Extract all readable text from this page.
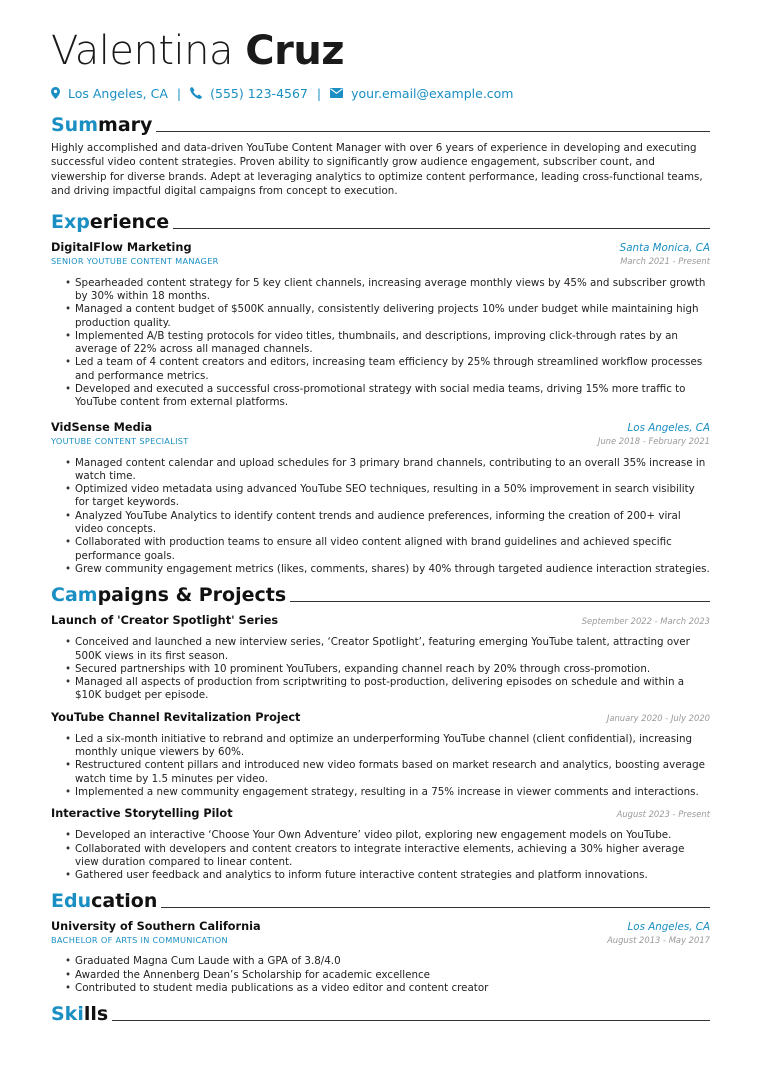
Valentina Cruz
Los Angeles, CA | (555) 123-4567 | your.email@example.com
Summary

Highly accomplished and data-driven YouTube Content Manager with over 6 years of experience in developing and executing successful video content strategies. Proven ability to significantly grow audience engagement, subscriber count, and viewership for diverse brands. Adept at leveraging analytics to optimize content performance, leading cross-functional teams, and driving impactful digital campaigns from concept to execution.

Experience
DigitalFlow Marketing	Santa Monica, CA
SENIOR YOUTUBE CONTENT MANAGER	March 2021 - Present
• Spearheaded content strategy for 5 key client channels, increasing average monthly views by 45% and subscriber growth by 30% within 18 months.
• Managed a content budget of $500K annually, consistently delivering projects 10% under budget while maintaining high production quality.
• Implemented A/B testing protocols for video titles, thumbnails, and descriptions, improving click-through rates by an average of 22% across all managed channels.
• Led a team of 4 content creators and editors, increasing team efficiency by 25% through streamlined workflow processes and performance metrics.
• Developed and executed a successful cross-promotional strategy with social media teams, driving 15% more traffic to YouTube content from external platforms.
VidSense Media	Los Angeles, CA
YOUTUBE CONTENT SPECIALIST	June 2018 - February 2021
• Managed content calendar and upload schedules for 3 primary brand channels, contributing to an overall 35% increase in watch time.
• Optimized video metadata using advanced YouTube SEO techniques, resulting in a 50% improvement in search visibility for target keywords.
• Analyzed YouTube Analytics to identify content trends and audience preferences, informing the creation of 200+ viral video concepts.
• Collaborated with production teams to ensure all video content aligned with brand guidelines and achieved specific performance goals.
• Grew community engagement metrics (likes, comments, shares) by 40% through targeted audience interaction strategies.
Campaigns & Projects
Launch of 'Creator Spotlight' Series	September 2022 - March 2023
• Conceived and launched a new interview series, ‘Creator Spotlight’, featuring emerging YouTube talent, attracting over 500K views in its first season.
• Secured partnerships with 10 prominent YouTubers, expanding channel reach by 20% through cross-promotion.
• Managed all aspects of production from scriptwriting to post-production, delivering episodes on schedule and within a $10K budget per episode.
YouTube Channel Revitalization Project	January 2020 - July 2020
• Led a six-month initiative to rebrand and optimize an underperforming YouTube channel (client confidential), increasing monthly unique viewers by 60%.
• Restructured content pillars and introduced new video formats based on market research and analytics, boosting average watch time by 1.5 minutes per video.
• Implemented a new community engagement strategy, resulting in a 75% increase in viewer comments and interactions.
Interactive Storytelling Pilot	August 2023 - Present
• Developed an interactive ‘Choose Your Own Adventure’ video pilot, exploring new engagement models on YouTube.
• Collaborated with developers and content creators to integrate interactive elements, achieving a 30% higher average view duration compared to linear content.
• Gathered user feedback and analytics to inform future interactive content strategies and platform innovations.
Education
University of Southern California	Los Angeles, CA
BACHELOR OF ARTS IN COMMUNICATION	August 2013 - May 2017
• Graduated Magna Cum Laude with a GPA of 3.8/4.0
• Awarded the Annenberg Dean’s Scholarship for academic excellence
• Contributed to student media publications as a video editor and content creator
Skills
